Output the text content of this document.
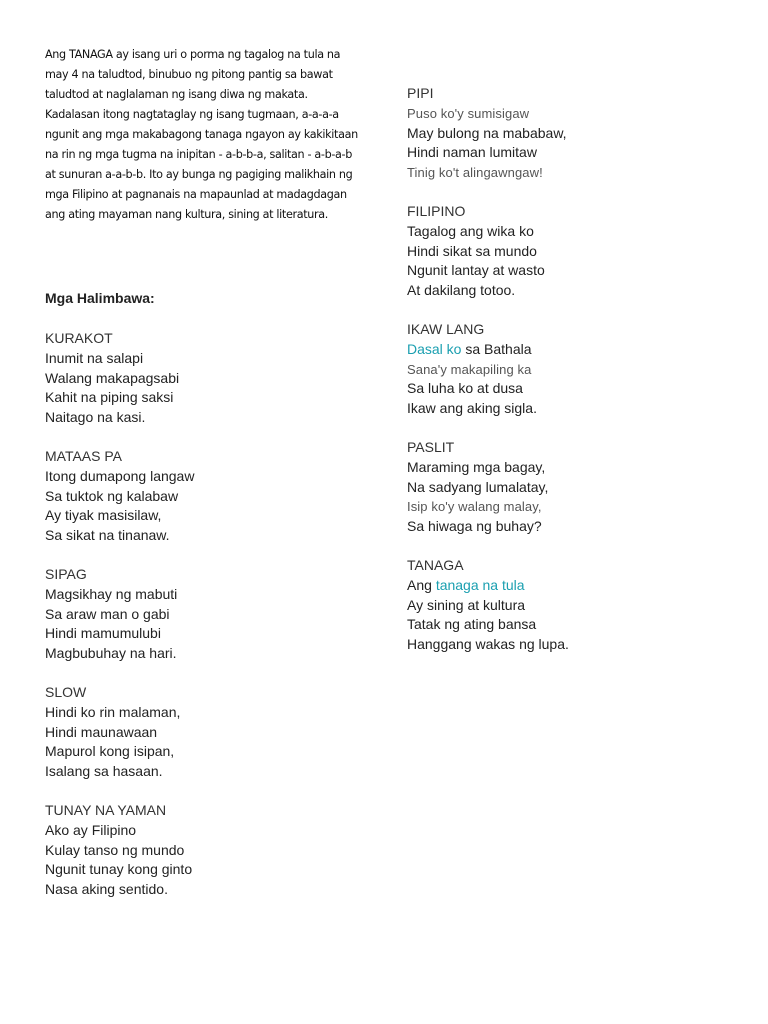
Ang TANAGA ay isang uri o porma ng tagalog na tula na may 4 na taludtod, binubuo ng pitong pantig sa bawat taludtod at naglalaman ng isang diwa ng makata. Kadalasan itong nagtataglay ng isang tugmaan, a-a-a-a ngunit ang mga makabagong tanaga ngayon ay kakikitaan na rin ng mga tugma na inipitan - a-b-b-a, salitan - a-b-a-b at sunuran a-a-b-b. Ito ay bunga ng pagiging malikhain ng mga Filipino at pagnanais na mapaunlad at madagdagan ang ating mayaman nang kultura, sining at literatura.

Mga Halimbawa:

KURAKOT
Inumit na salapi
Walang makapagsabi
Kahit na piping saksi
Naitago na kasi.
MATAAS PA
Itong dumapong langaw
Sa tuktok ng kalabaw
Ay tiyak masisilaw,
Sa sikat na tinanaw.
SIPAG
Magsikhay ng mabuti
Sa araw man o gabi
Hindi mamumulubi
Magbubuhay na hari.
SLOW
Hindi ko rin malaman,
Hindi maunawaan
Mapurol kong isipan,
Isalang sa hasaan.
TUNAY NA YAMAN
Ako ay Filipino
Kulay tanso ng mundo
Ngunit tunay kong ginto
Nasa aking sentido.
PIPI
Puso ko'y sumisigaw
May bulong na mababaw,
Hindi naman lumitaw
Tinig ko't alingawngaw!
FILIPINO
Tagalog ang wika ko
Hindi sikat sa mundo
Ngunit lantay at wasto
At dakilang totoo.
IKAW LANG
Dasal ko sa Bathala
Sana'y makapiling ka
Sa luha ko at dusa
Ikaw ang aking sigla.
PASLIT
Maraming mga bagay,
Na sadyang lumalatay,
Isip ko'y walang malay,
Sa hiwaga ng buhay?
TANAGA
Ang tanaga na tula
Ay sining at kultura
Tatak ng ating bansa
Hanggang wakas ng lupa.
